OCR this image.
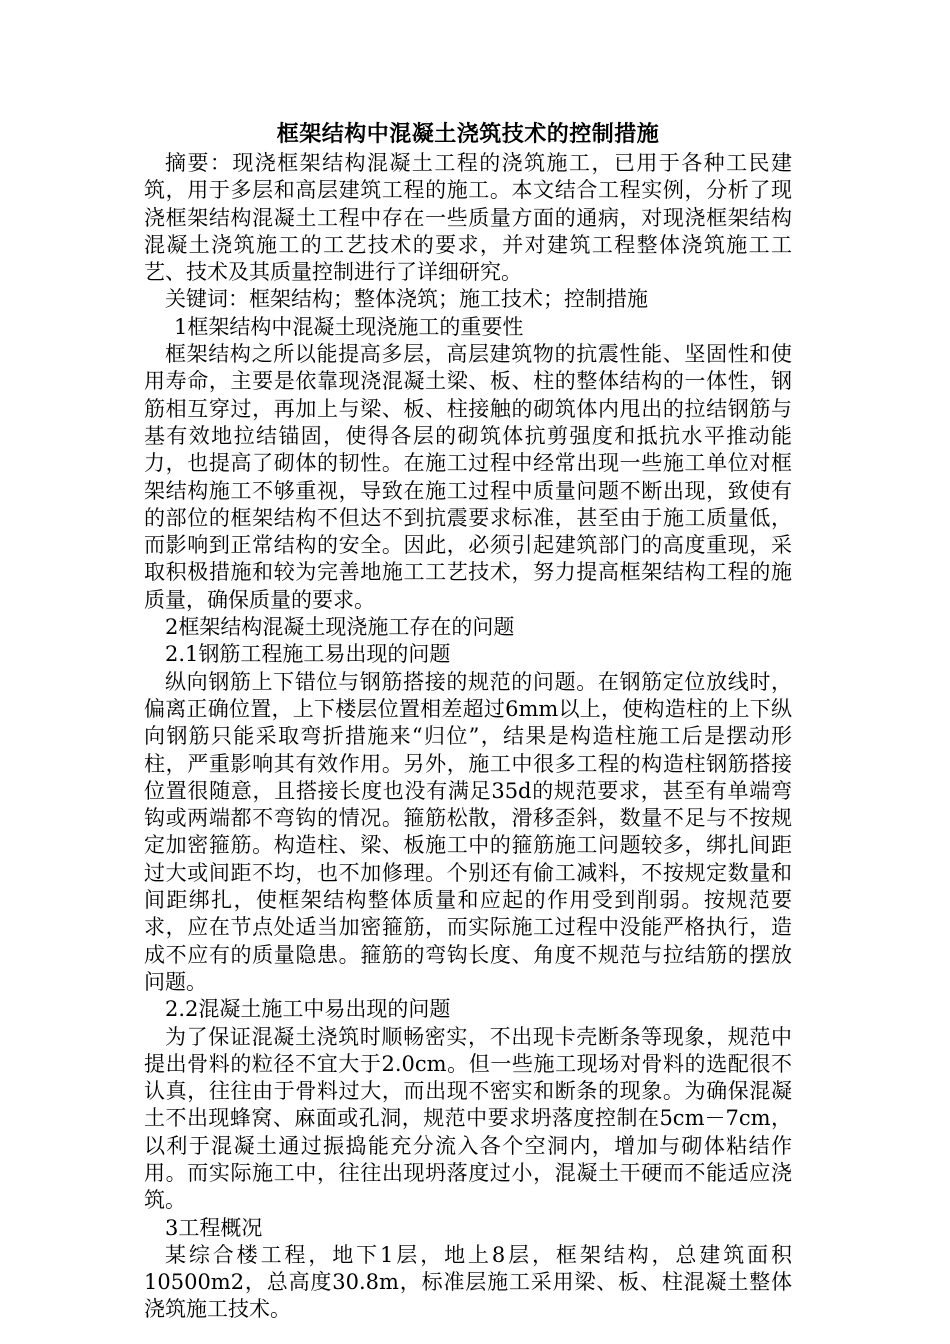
框架结构中混凝土浇筑技术的控制措施

摘要：现浇框架结构混凝土工程的浇筑施工，已用于各种工民建筑，用于多层和高层建筑工程的施工。本文结合工程实例，分析了现浇框架结构混凝土工程中存在一些质量方面的通病，对现浇框架结构混凝土浇筑施工的工艺技术的要求，并对建筑工程整体浇筑施工工艺、技术及其质量控制进行了详细研究。

关键词：框架结构；整体浇筑；施工技术；控制措施

1框架结构中混凝土现浇施工的重要性

框架结构之所以能提高多层，高层建筑物的抗震性能、坚固性和使用寿命，主要是依靠现浇混凝土梁、板、柱的整体结构的一体性，钢筋相互穿过，再加上与梁、板、柱接触的砌筑体内甩出的拉结钢筋与基有效地拉结锚固，使得各层的砌筑体抗剪强度和抵抗水平推动能力，也提高了砌体的韧性。在施工过程中经常出现一些施工单位对框架结构施工不够重视，导致在施工过程中质量问题不断出现，致使有的部位的框架结构不但达不到抗震要求标准，甚至由于施工质量低，而影响到正常结构的安全。因此，必须引起建筑部门的高度重现，采取积极措施和较为完善地施工工艺技术，努力提高框架结构工程的施质量，确保质量的要求。

2框架结构混凝土现浇施工存在的问题

2.1钢筋工程施工易出现的问题

纵向钢筋上下错位与钢筋搭接的规范的问题。在钢筋定位放线时，偏离正确位置，上下楼层位置相差超过6mm以上，使构造柱的上下纵向钢筋只能采取弯折措施来“归位”，结果是构造柱施工后是摆动形柱，严重影响其有效作用。另外，施工中很多工程的构造柱钢筋搭接位置很随意，且搭接长度也没有满足35d的规范要求，甚至有单端弯钩或两端都不弯钩的情况。箍筋松散，滑移歪斜，数量不足与不按规定加密箍筋。构造柱、梁、板施工中的箍筋施工问题较多，绑扎间距过大或间距不均，也不加修理。个别还有偷工减料，不按规定数量和间距绑扎，使框架结构整体质量和应起的作用受到削弱。按规范要求，应在节点处适当加密箍筋，而实际施工过程中没能严格执行，造成不应有的质量隐患。箍筋的弯钩长度、角度不规范与拉结筋的摆放问题。

2.2混凝土施工中易出现的问题

为了保证混凝土浇筑时顺畅密实，不出现卡壳断条等现象，规范中提出骨料的粒径不宜大于2.0cm。但一些施工现场对骨料的选配很不认真，往往由于骨料过大，而出现不密实和断条的现象。为确保混凝土不出现蜂窝、麻面或孔洞，规范中要求坍落度控制在5cm－7cm，以利于混凝土通过振捣能充分流入各个空洞内，增加与砌体粘结作用。而实际施工中，往往出现坍落度过小，混凝土干硬而不能适应浇筑。

3工程概况

某综合楼工程，地下1层，地上8层，框架结构，总建筑面积10500m2，总高度30.8m，标准层施工采用梁、板、柱混凝土整体浇筑施工技术。
